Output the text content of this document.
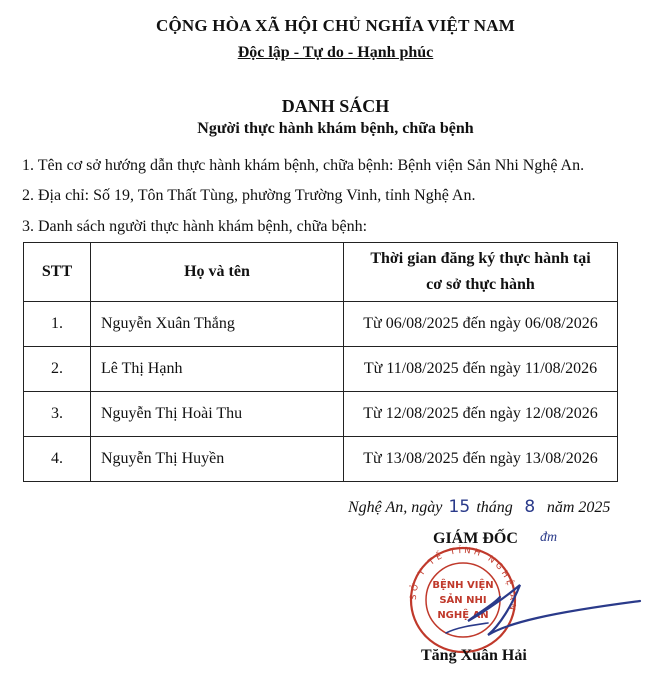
CỘNG HÒA XÃ HỘI CHỦ NGHĨA VIỆT NAM
Độc lập - Tự do - Hạnh phúc
DANH SÁCH
Người thực hành khám bệnh, chữa bệnh
1. Tên cơ sở hướng dẫn thực hành khám bệnh, chữa bệnh: Bệnh viện Sản Nhi Nghệ An.
2. Địa chỉ: Số 19, Tôn Thất Tùng, phường Trường Vinh, tỉnh Nghệ An.
3. Danh sách người thực hành khám bệnh, chữa bệnh:
STT	Họ và tên	Thời gian đăng ký thực hành tại
cơ sở thực hành

1.	Nguyễn Xuân Thắng	Từ 06/08/2025 đến ngày 06/08/2026
2.	Lê Thị Hạnh	Từ 11/08/2025 đến ngày 11/08/2026
3.	Nguyễn Thị Hoài Thu	Từ 12/08/2025 đến ngày 12/08/2026
4.	Nguyễn Thị Huyền	Từ 13/08/2025 đến ngày 13/08/2026
Nghệ An, ngày 15 tháng 8 năm 2025
GIÁM ĐỐC đm
SỞ Y TẾ TỈNH NGHỆ AN
BỆNH VIỆN
SẢN NHI
NGHỆ AN
Tăng Xuân Hải
